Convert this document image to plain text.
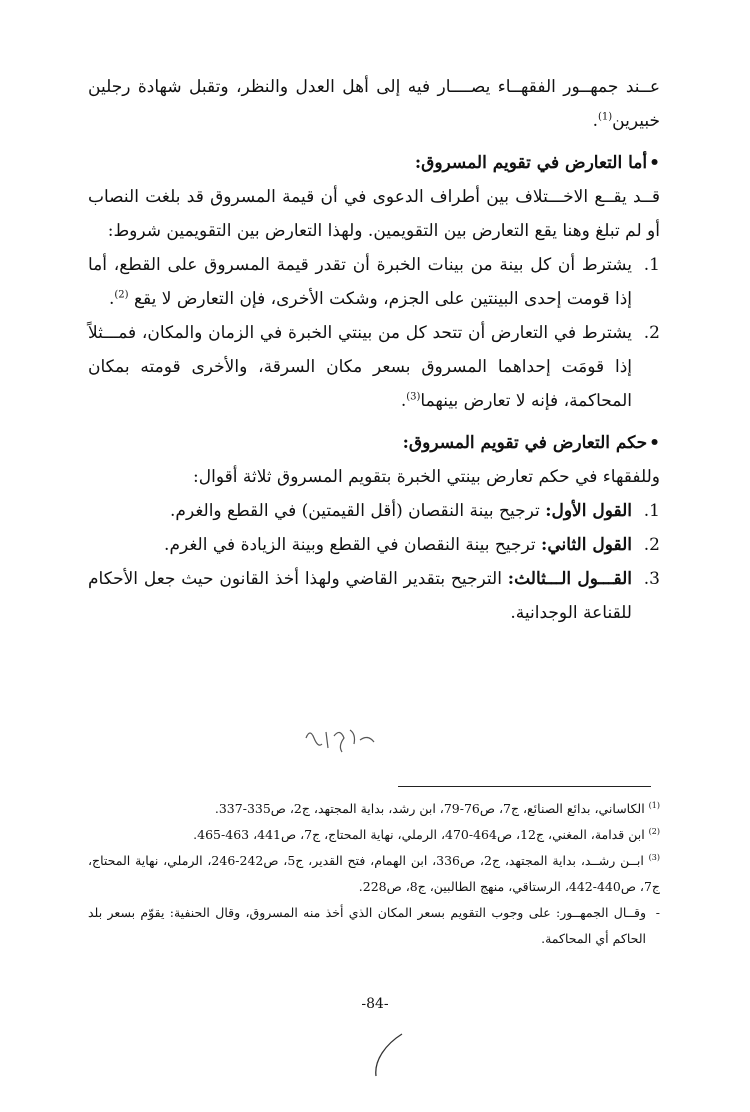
عــند جمهــور الفقهــاء يصــــار فيه إلى أهل العدل والنظر، وتقبل شهادة رجلين خبيرين$^{(1)}$.

•أما التعارض في تقويم المسروق:

قــد يقــع الاخـــتلاف بين أطراف الدعوى في أن قيمة المسروق قد بلغت النصاب أو لم تبلغ وهنا يقع التعارض بين التقويمين. ولهذا التعارض بين التقويمين شروط:

1.
يشترط أن كل بينة من بينات الخبرة أن تقدر قيمة المسروق على القطع، أما إذا قومت إحدى البينتين على الجزم، وشكت الأخرى، فإن التعارض لا يقع $^{(2)}$.
2.
يشترط في التعارض أن تتحد كل من بينتي الخبرة في الزمان والمكان، فمـــثلاً إذا قومَت إحداهما المسروق بسعر مكان السرقة، والأخرى قومته بمكان المحاكمة، فإنه لا تعارض بينهما$^{(3)}$.

•حكم التعارض في تقويم المسروق:

وللفقهاء في حكم تعارض بينتي الخبرة بتقويم المسروق ثلاثة أقوال:

1.
القول الأول: ترجيح بينة النقصان (أقل القيمتين) في القطع والغرم.
2.
القول الثاني: ترجيح بينة النقصان في القطع وبينة الزيادة في الغرم.
3.
القـــول الـــثالث: الترجيح بتقدير القاضي ولهذا أخذ القانون حيث جعل الأحكام للقناعة الوجدانية.

$^{(1)}$ الكاساني، بدائع الصنائع، ج7، ص76-79، ابن رشد، بداية المجتهد، ج2، ص335-337.

$^{(2)}$ ابن قدامة، المغني، ج12، ص464-470، الرملي، نهاية المحتاج، ج7، ص441، 463-465.

$^{(3)}$ ابــن رشــد، بداية المجتهد، ج2، ص336، ابن الهمام، فتح القدير، ج5، ص242-246، الرملي، نهاية المحتاج، ج7، ص440-442، الرستاقي، منهج الطالبين، ج8، ص228.

-
وقــال الجمهــور: على وجوب التقويم بسعر المكان الذي أخذ منه المسروق، وقال الحنفية: يقوّم بسعر بلد الحاكم أي المحاكمة.

-84-
